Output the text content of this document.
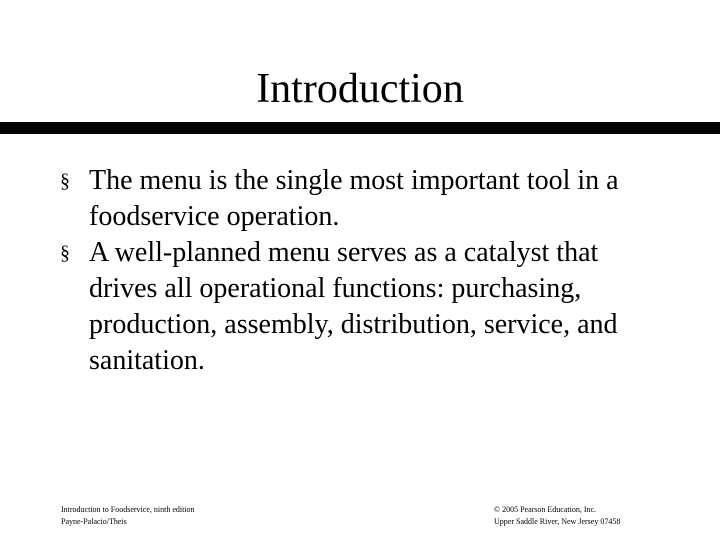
Introduction
§ The menu is the single most important tool in a foodservice operation.
§ A well-planned menu serves as a catalyst that drives all operational functions: purchasing, production, assembly, distribution, service, and sanitation.
Introduction to Foodservice, ninth edition
Payne-Palacio/Theis
© 2005 Pearson Education, Inc.
Upper Saddle River, New Jersey 07458
